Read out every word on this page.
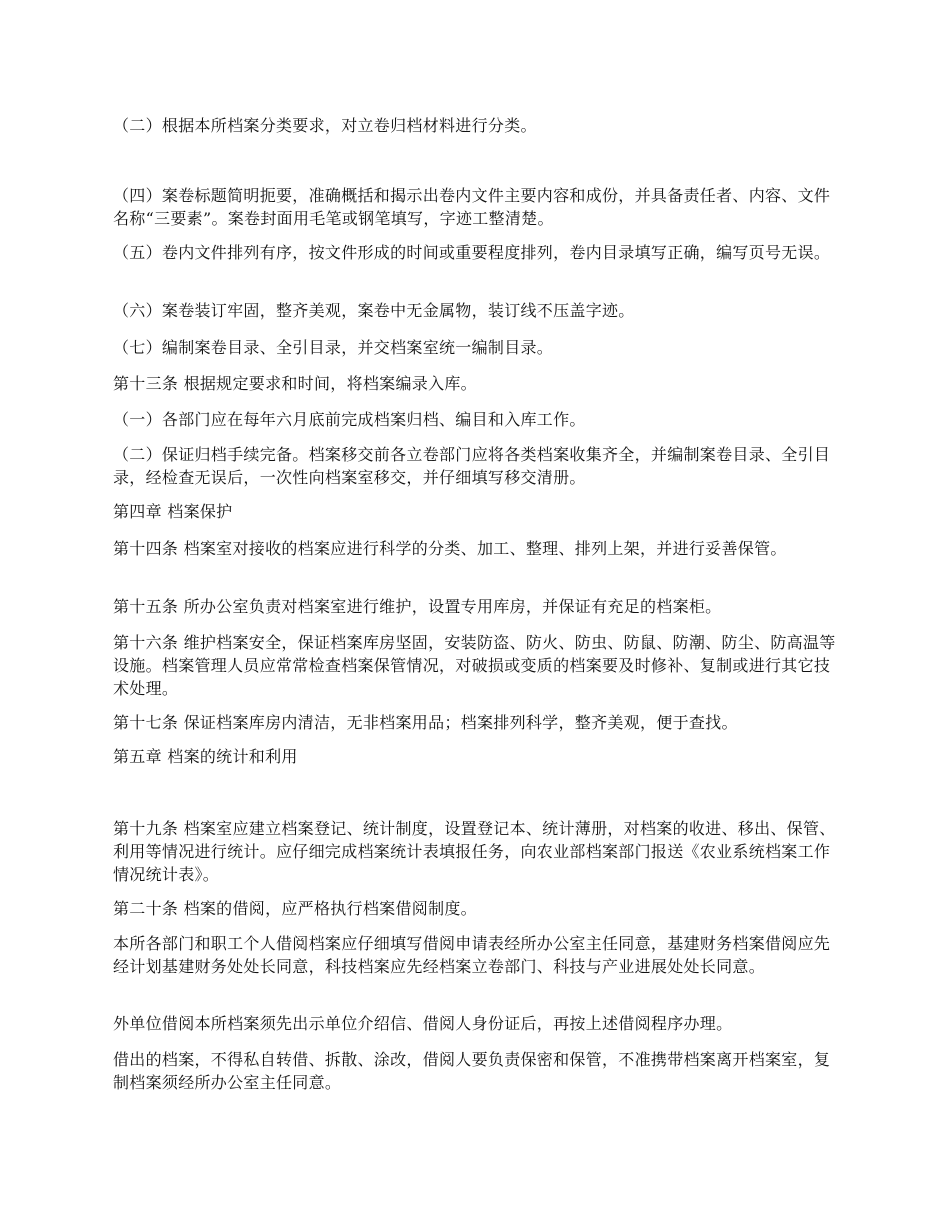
（二）根据本所档案分类要求，对立卷归档材料进行分类。

（四）案卷标题简明扼要，准确概括和揭示出卷内文件主要内容和成份，并具备责任者、内容、文件名称“三要素”。案卷封面用毛笔或钢笔填写，字迹工整清楚。

（五）卷内文件排列有序，按文件形成的时间或重要程度排列，卷内目录填写正确，编写页号无误。

（六）案卷装订牢固，整齐美观，案卷中无金属物，装订线不压盖字迹。

（七）编制案卷目录、全引目录，并交档案室统一编制目录。

第十三条 根据规定要求和时间，将档案编录入库。

（一）各部门应在每年六月底前完成档案归档、编目和入库工作。

（二）保证归档手续完备。档案移交前各立卷部门应将各类档案收集齐全，并编制案卷目录、全引目录，经检查无误后，一次性向档案室移交，并仔细填写移交清册。

第四章 档案保护

第十四条 档案室对接收的档案应进行科学的分类、加工、整理、排列上架，并进行妥善保管。

第十五条 所办公室负责对档案室进行维护，设置专用库房，并保证有充足的档案柜。

第十六条 维护档案安全，保证档案库房坚固，安装防盗、防火、防虫、防鼠、防潮、防尘、防高温等设施。档案管理人员应常常检查档案保管情况，对破损或变质的档案要及时修补、复制或进行其它技术处理。

第十七条 保证档案库房内清洁，无非档案用品；档案排列科学，整齐美观，便于查找。

第五章 档案的统计和利用

第十九条 档案室应建立档案登记、统计制度，设置登记本、统计薄册，对档案的收进、移出、保管、利用等情况进行统计。应仔细完成档案统计表填报任务，向农业部档案部门报送《农业系统档案工作情况统计表》。

第二十条 档案的借阅，应严格执行档案借阅制度。

本所各部门和职工个人借阅档案应仔细填写借阅申请表经所办公室主任同意，基建财务档案借阅应先经计划基建财务处处长同意，科技档案应先经档案立卷部门、科技与产业进展处处长同意。

外单位借阅本所档案须先出示单位介绍信、借阅人身份证后，再按上述借阅程序办理。

借出的档案，不得私自转借、拆散、涂改，借阅人要负责保密和保管，不准携带档案离开档案室，复制档案须经所办公室主任同意。
